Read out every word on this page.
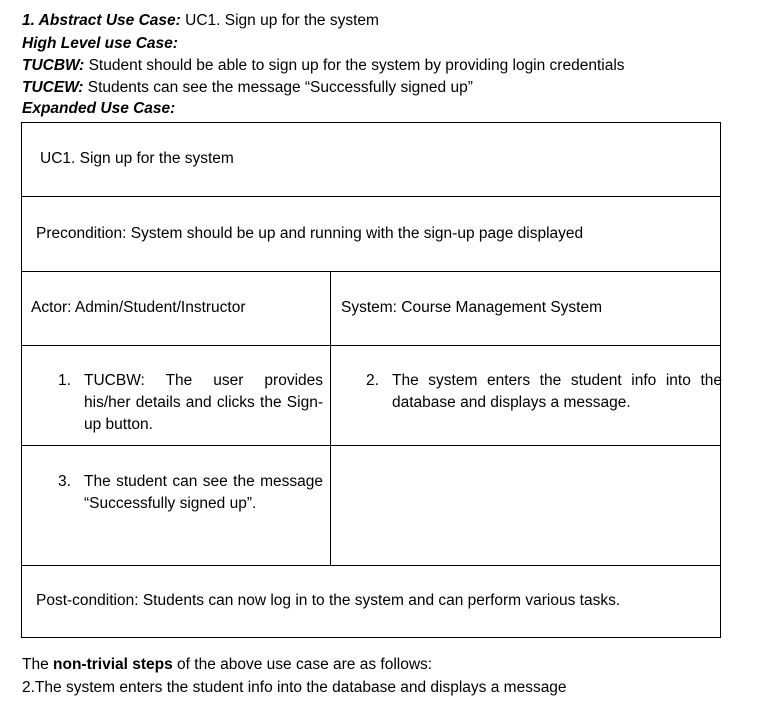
1. Abstract Use Case: UC1. Sign up for the system
High Level use Case:
TUCBW: Student should be able to sign up for the system by providing login credentials
TUCEW: Students can see the message “Successfully signed up”
Expanded Use Case:
UC1. Sign up for the system
Precondition: System should be up and running with the sign-up page displayed
Actor: Admin/Student/Instructor	System: Course Management System
1. TUCBW: The user provides his/her details and clicks the Sign-up button.
2. The system enters the student info into the database and displays a message.
3. The student can see the message “Successfully signed up”.
Post-condition: Students can now log in to the system and can perform various tasks.
The non-trivial steps of the above use case are as follows:
2.The system enters the student info into the database and displays a message
